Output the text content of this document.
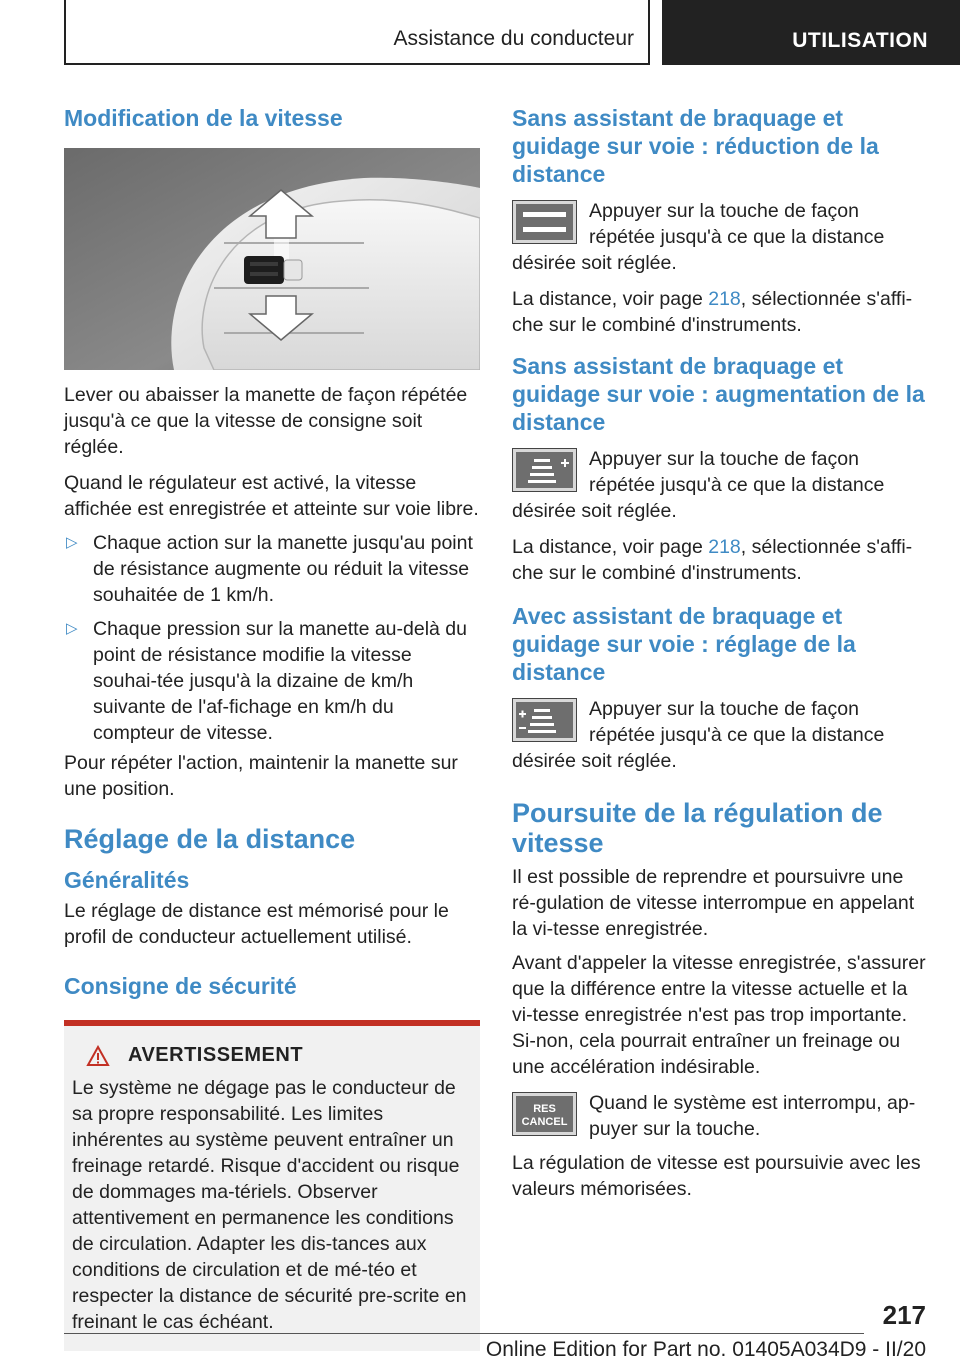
Assistance du conducteur	UTILISATION
Modification de la vitesse

Lever ou abaisser la manette de façon répétée jusqu'à ce que la vitesse de consigne soit réglée.

Quand le régulateur est activé, la vitesse affichée est enregistrée et atteinte sur voie libre.

▷ Chaque action sur la manette jusqu'au point de résistance augmente ou réduit la vitesse souhaitée de 1 km/h.
▷ Chaque pression sur la manette au-delà du point de résistance modifie la vitesse souhai‐tée jusqu'à la dizaine de km/h suivante de l'af‐fichage en km/h du compteur de vitesse.

Pour répéter l'action, maintenir la manette sur une position.

Réglage de la distance
Généralités

Le réglage de distance est mémorisé pour le profil de conducteur actuellement utilisé.

Consigne de sécurité
AVERTISSEMENT

Le système ne dégage pas le conducteur de sa propre responsabilité. Les limites inhérentes au système peuvent entraîner un freinage retardé. Risque d'accident ou risque de dommages ma‐tériels. Observer attentivement en permanence les conditions de circulation. Adapter les dis‐tances aux conditions de circulation et de mé‐téo et respecter la distance de sécurité pre‐scrite en freinant le cas échéant.

Sans assistant de braquage et guidage sur voie : réduction de la distance

Appuyer sur la touche de façon répétée jusqu'à ce que la distance désirée soit réglée.

La distance, voir page 218, sélectionnée s'affi‐che sur le combiné d'instruments.

Sans assistant de braquage et guidage sur voie : augmentation de la distance

Appuyer sur la touche de façon répétée jusqu'à ce que la distance désirée soit réglée.

La distance, voir page 218, sélectionnée s'affi‐che sur le combiné d'instruments.

Avec assistant de braquage et guidage sur voie : réglage de la distance

Appuyer sur la touche de façon répétée jusqu'à ce que la distance désirée soit réglée.

Poursuite de la régulation de vitesse

Il est possible de reprendre et poursuivre une ré‐gulation de vitesse interrompue en appelant la vi‐tesse enregistrée.

Avant d'appeler la vitesse enregistrée, s'assurer que la différence entre la vitesse actuelle et la vi‐tesse enregistrée n'est pas trop importante. Si‐non, cela pourrait entraîner un freinage ou une accélération indésirable.

RES
CANCEL

Quand le système est interrompu, ap‐puyer sur la touche.

La régulation de vitesse est poursuivie avec les valeurs mémorisées.

217
Online Edition for Part no. 01405A034D9 - II/20
